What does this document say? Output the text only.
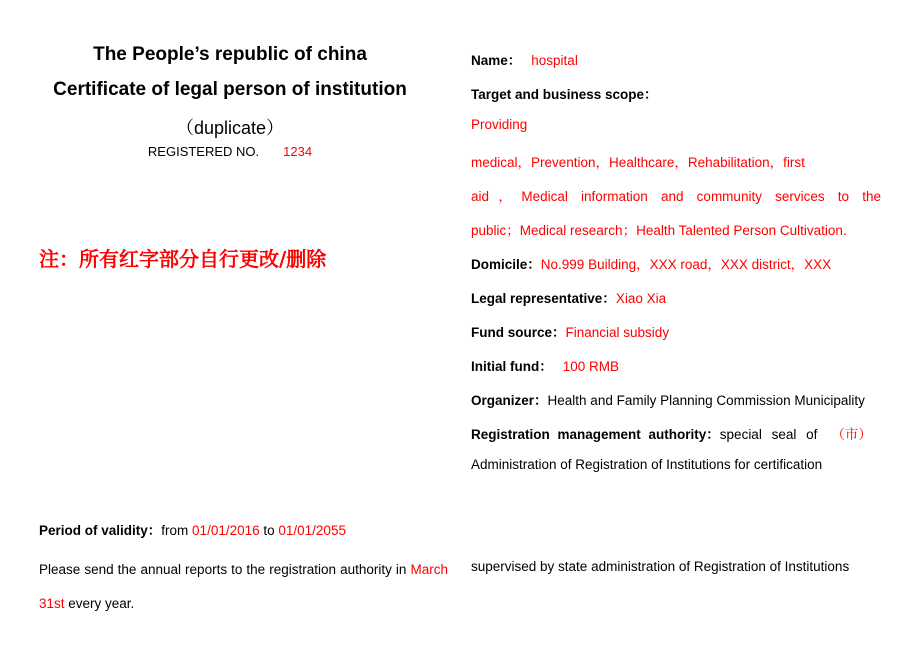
The People’s republic of china
Certificate of legal person of institution
（duplicate）
REGISTERED NO. 1234
注：所有红字部分自行更改/删除
Period of validity：from 01/01/2016 to 01/01/2055
Please send the annual reports to the registration authority in March 31st every year.
Name： hospital
Target and business scope：
Providing
medical，Prevention，Healthcare，Rehabilitation，first
aid，Medical information and community services to the
public；Medical research；Health Talented Person Cultivation.
Domicile：No.999 Building，XXX road，XXX district，XXX
Legal representative：Xiao Xia
Fund source：Financial subsidy
Initial fund： 100 RMB
Organizer：Health and Family Planning Commission Municipality
Registration management authority：special seal of （市）
Administration of Registration of Institutions for certification
supervised by state administration of Registration of Institutions
